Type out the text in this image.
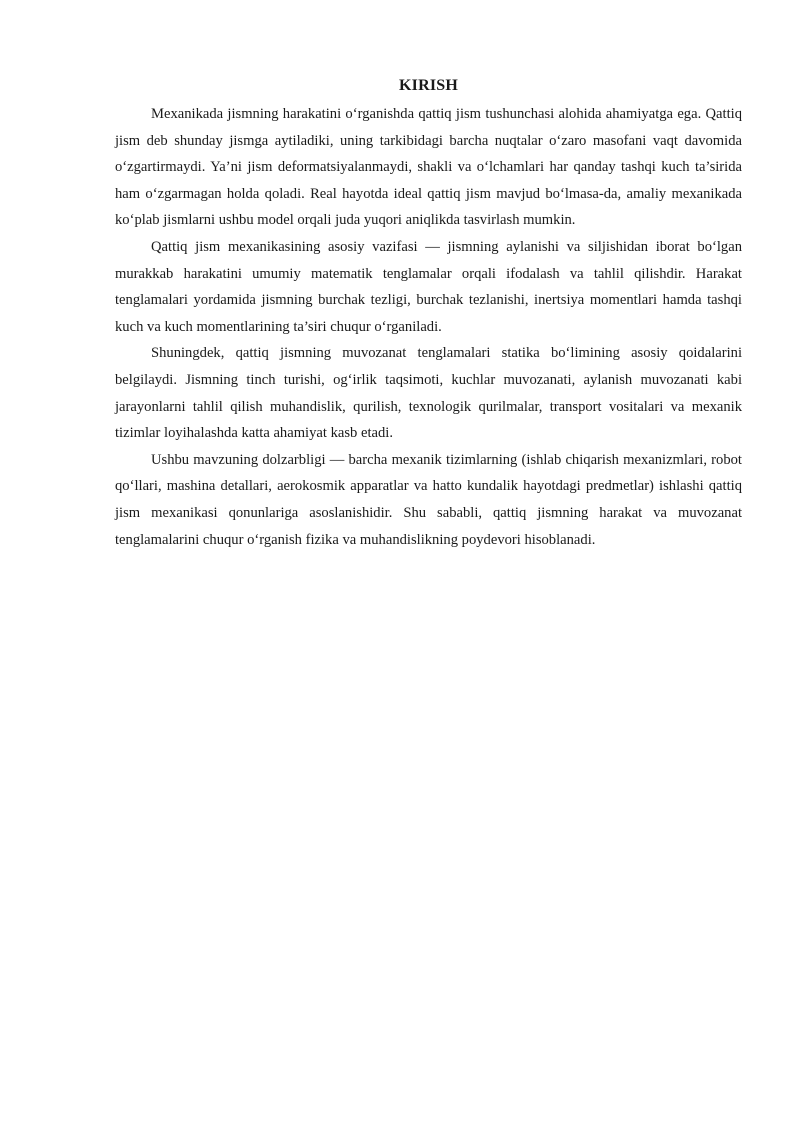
KIRISH

Mexanikada jismning harakatini oʻrganishda qattiq jism tushunchasi alohida ahamiyatga ega. Qattiq jism deb shunday jismga aytiladiki, uning tarkibidagi barcha nuqtalar oʻzaro masofani vaqt davomida oʻzgartirmaydi. Ya’ni jism deformatsiyalanmaydi, shakli va oʻlchamlari har qanday tashqi kuch ta’sirida ham oʻzgarmagan holda qoladi. Real hayotda ideal qattiq jism mavjud boʻlmasa-da, amaliy mexanikada koʻplab jismlarni ushbu model orqali juda yuqori aniqlikda tasvirlash mumkin.

Qattiq jism mexanikasining asosiy vazifasi — jismning aylanishi va siljishidan iborat boʻlgan murakkab harakatini umumiy matematik tenglamalar orqali ifodalash va tahlil qilishdir. Harakat tenglamalari yordamida jismning burchak tezligi, burchak tezlanishi, inertsiya momentlari hamda tashqi kuch va kuch momentlarining ta’siri chuqur oʻrganiladi.

Shuningdek, qattiq jismning muvozanat tenglamalari statika boʻlimining asosiy qoidalarini belgilaydi. Jismning tinch turishi, ogʻirlik taqsimoti, kuchlar muvozanati, aylanish muvozanati kabi jarayonlarni tahlil qilish muhandislik, qurilish, texnologik qurilmalar, transport vositalari va mexanik tizimlar loyihalashda katta ahamiyat kasb etadi.

Ushbu mavzuning dolzarbligi — barcha mexanik tizimlarning (ishlab chiqarish mexanizmlari, robot qoʻllari, mashina detallari, aerokosmik apparatlar va hatto kundalik hayotdagi predmetlar) ishlashi qattiq jism mexanikasi qonunlariga asoslanishidir. Shu sababli, qattiq jismning harakat va muvozanat tenglamalarini chuqur oʻrganish fizika va muhandislikning poydevori hisoblanadi.
